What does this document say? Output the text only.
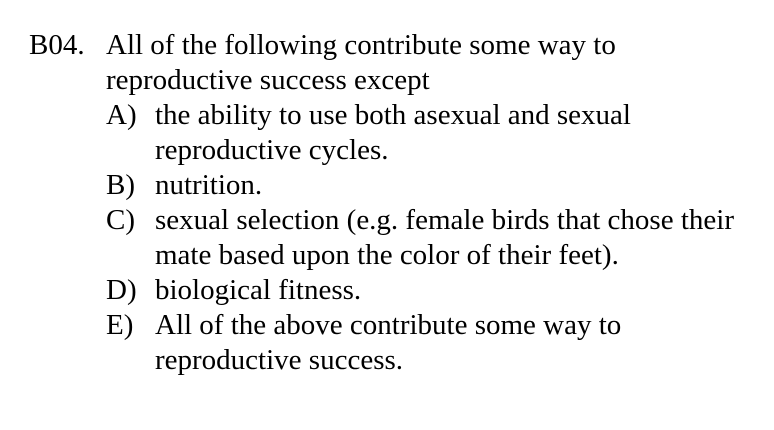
B04. All of the following contribute some way to reproductive success except

A) the ability to use both asexual and sexual reproductive cycles.
B) nutrition.
C) sexual selection (e.g. female birds that chose their mate based upon the color of their feet).
D) biological fitness.
E) All of the above contribute some way to reproductive success.
